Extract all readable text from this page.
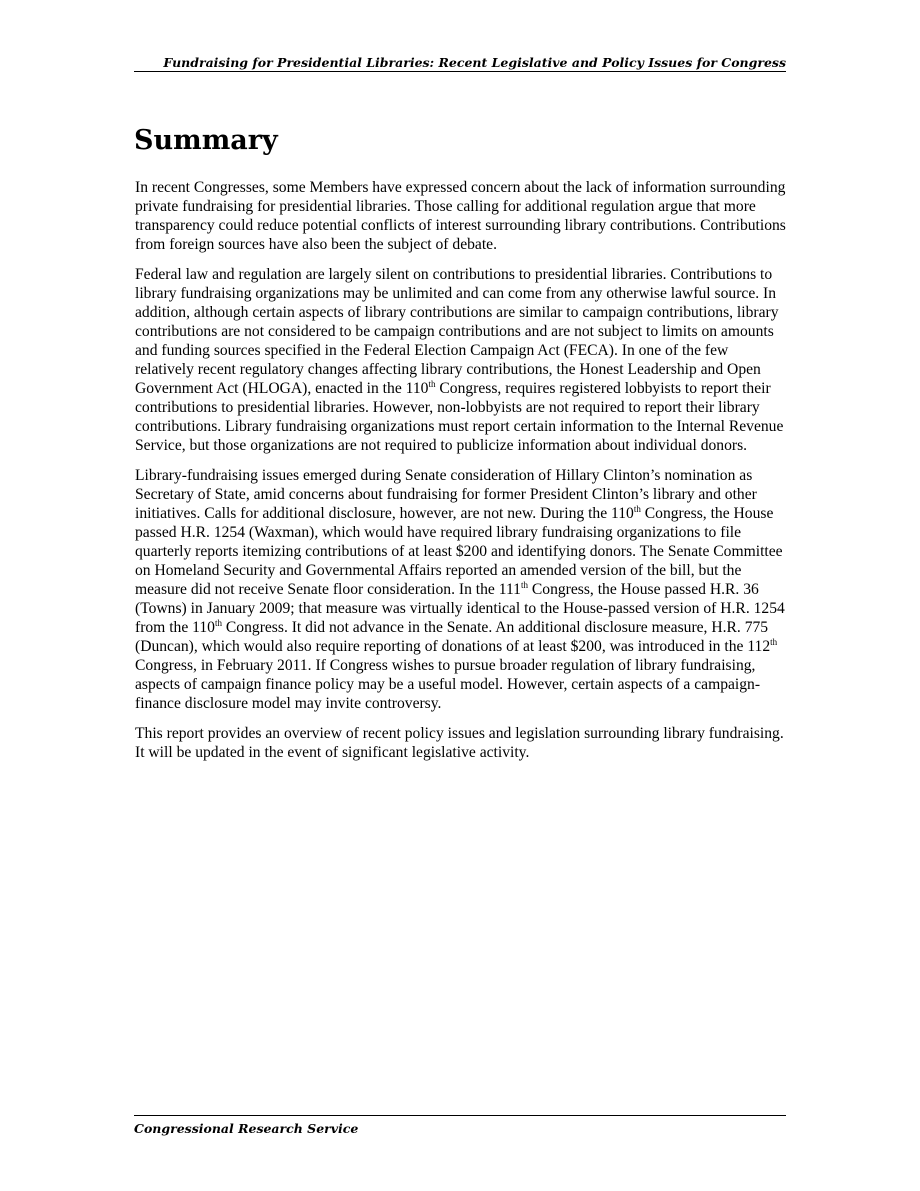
Fundraising for Presidential Libraries: Recent Legislative and Policy Issues for Congress
Summary

In recent Congresses, some Members have expressed concern about the lack of information surrounding private fundraising for presidential libraries. Those calling for additional regulation argue that more transparency could reduce potential conflicts of interest surrounding library contributions. Contributions from foreign sources have also been the subject of debate.

Federal law and regulation are largely silent on contributions to presidential libraries. Contributions to library fundraising organizations may be unlimited and can come from any otherwise lawful source. In addition, although certain aspects of library contributions are similar to campaign contributions, library contributions are not considered to be campaign contributions and are not subject to limits on amounts and funding sources specified in the Federal Election Campaign Act (FECA). In one of the few relatively recent regulatory changes affecting library contributions, the Honest Leadership and Open Government Act (HLOGA), enacted in the 110th Congress, requires registered lobbyists to report their contributions to presidential libraries. However, non-lobbyists are not required to report their library contributions. Library fundraising organizations must report certain information to the Internal Revenue Service, but those organizations are not required to publicize information about individual donors.

Library-fundraising issues emerged during Senate consideration of Hillary Clinton’s nomination as Secretary of State, amid concerns about fundraising for former President Clinton’s library and other initiatives. Calls for additional disclosure, however, are not new. During the 110th Congress, the House passed H.R. 1254 (Waxman), which would have required library fundraising organizations to file quarterly reports itemizing contributions of at least $200 and identifying donors. The Senate Committee on Homeland Security and Governmental Affairs reported an amended version of the bill, but the measure did not receive Senate floor consideration. In the 111th Congress, the House passed H.R. 36 (Towns) in January 2009; that measure was virtually identical to the House-passed version of H.R. 1254 from the 110th Congress. It did not advance in the Senate. An additional disclosure measure, H.R. 775 (Duncan), which would also require reporting of donations of at least $200, was introduced in the 112th Congress, in February 2011. If Congress wishes to pursue broader regulation of library fundraising, aspects of campaign finance policy may be a useful model. However, certain aspects of a campaign-finance disclosure model may invite controversy.

This report provides an overview of recent policy issues and legislation surrounding library fundraising. It will be updated in the event of significant legislative activity.

Congressional Research Service
